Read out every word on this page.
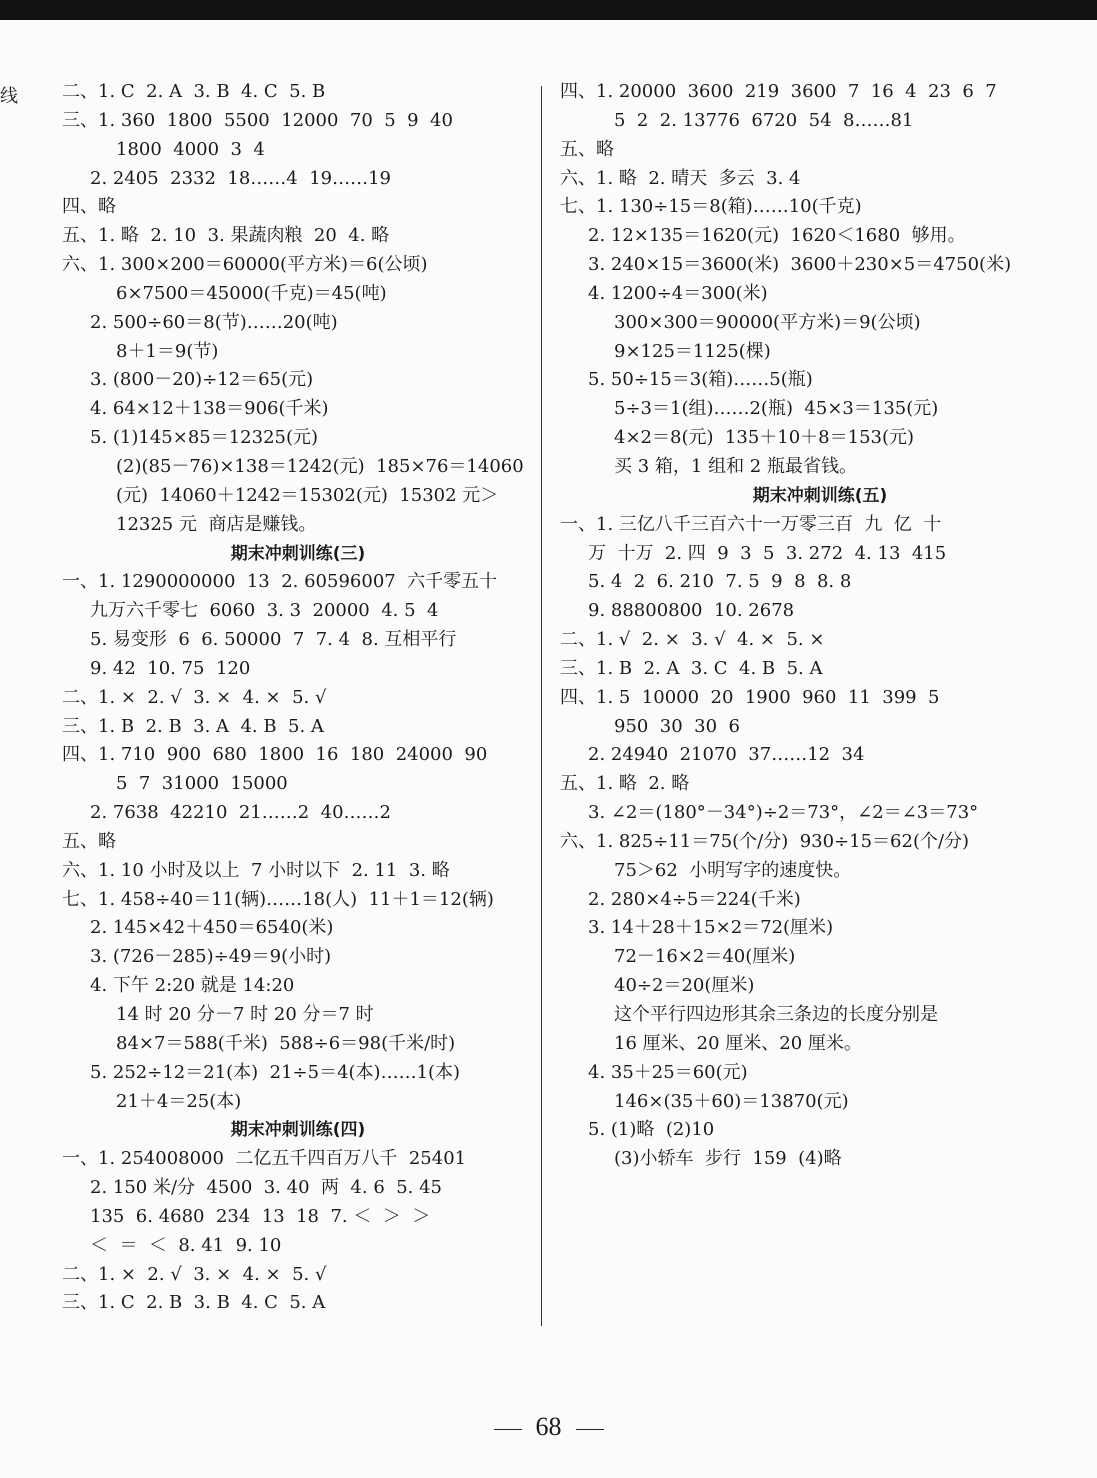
线 二、1. C  2. A  3. B  4. C  5. B
三、1. 360  1800  5500  12000  70  5  9  40
1800  4000  3  4
2. 2405  2332  18……4  19……19
四、略
五、1. 略  2. 10  3. 果蔬肉粮  20  4. 略
六、1. 300×200＝60000(平方米)＝6(公顷)
6×7500＝45000(千克)＝45(吨)
2. 500÷60＝8(节)……20(吨)
8＋1＝9(节)
3. (800－20)÷12＝65(元)
4. 64×12＋138＝906(千米)
5. (1)145×85＝12325(元)
(2)(85－76)×138＝1242(元)  185×76＝14060
(元)  14060＋1242＝15302(元)  15302 元＞
12325 元  商店是赚钱。
期末冲刺训练(三)
一、1. 1290000000  13  2. 60596007  六千零五十
九万六千零七  6060  3. 3  20000  4. 5  4
5. 易变形  6  6. 50000  7  7. 4  8. 互相平行
9. 42  10. 75  120
二、1. ×  2. √  3. ×  4. ×  5. √
三、1. B  2. B  3. A  4. B  5. A
四、1. 710  900  680  1800  16  180  24000  90
5  7  31000  15000
2. 7638  42210  21……2  40……2
五、略
六、1. 10 小时及以上  7 小时以下  2. 11  3. 略
七、1. 458÷40＝11(辆)……18(人)  11＋1＝12(辆)
2. 145×42＋450＝6540(米)
3. (726－285)÷49＝9(小时)
4. 下午 2:20 就是 14:20
14 时 20 分－7 时 20 分＝7 时
84×7＝588(千米)  588÷6＝98(千米/时)
5. 252÷12＝21(本)  21÷5＝4(本)……1(本)
21＋4＝25(本)
期末冲刺训练(四)
一、1. 254008000  二亿五千四百万八千  25401
2. 150 米/分  4500  3. 40  两  4. 6  5. 45
135  6. 4680  234  13  18  7. ＜  ＞  ＞
＜  ＝  ＜  8. 41  9. 10
二、1. ×  2. √  3. ×  4. ×  5. √
三、1. C  2. B  3. B  4. C  5. A
四、1. 20000  3600  219  3600  7  16  4  23  6  7
5  2  2. 13776  6720  54  8……81
五、略
六、1. 略  2. 晴天  多云  3. 4
七、1. 130÷15＝8(箱)……10(千克)
2. 12×135＝1620(元)  1620＜1680  够用。
3. 240×15＝3600(米)  3600＋230×5＝4750(米)
4. 1200÷4＝300(米)
300×300＝90000(平方米)＝9(公顷)
9×125＝1125(棵)
5. 50÷15＝3(箱)……5(瓶)
5÷3＝1(组)……2(瓶)  45×3＝135(元)
4×2＝8(元)  135＋10＋8＝153(元)
买 3 箱，1 组和 2 瓶最省钱。
期末冲刺训练(五)
一、1. 三亿八千三百六十一万零三百  九  亿  十
万  十万  2. 四  9  3  5  3. 272  4. 13  415
5. 4  2  6. 210  7. 5  9  8  8. 8
9. 88800800  10. 2678
二、1. √  2. ×  3. √  4. ×  5. ×
三、1. B  2. A  3. C  4. B  5. A
四、1. 5  10000  20  1900  960  11  399  5
950  30  30  6
2. 24940  21070  37……12  34
五、1. 略  2. 略
3. ∠2＝(180°－34°)÷2＝73°，∠2＝∠3＝73°
六、1. 825÷11＝75(个/分)  930÷15＝62(个/分)
75＞62  小明写字的速度快。
2. 280×4÷5＝224(千米)
3. 14＋28＋15×2＝72(厘米)
72－16×2＝40(厘米)
40÷2＝20(厘米)
这个平行四边形其余三条边的长度分别是
16 厘米、20 厘米、20 厘米。
4. 35＋25＝60(元)
146×(35＋60)＝13870(元)
5. (1)略  (2)10
(3)小轿车  步行  159  (4)略
68
